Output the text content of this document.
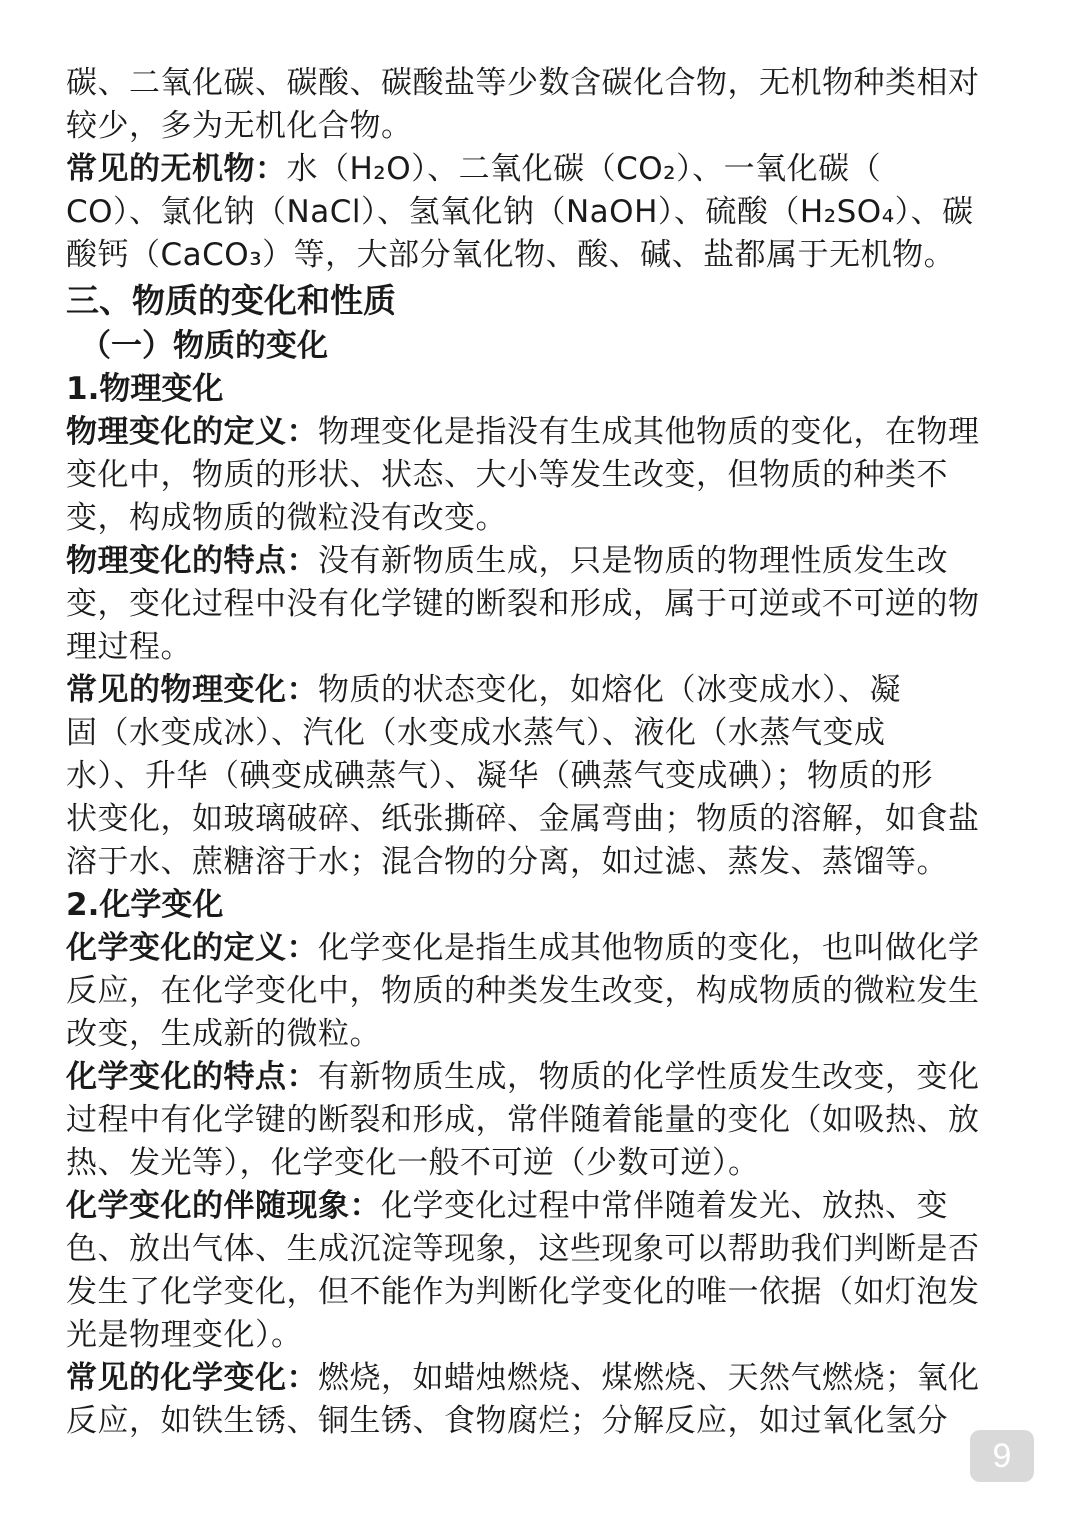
碳、二氧化碳、碳酸、碳酸盐等少数含碳化合物，无机物种类相对
较少，多为无机化合物。
常见的无机物：水（H₂O）、二氧化碳（CO₂）、一氧化碳（
CO）、氯化钠（NaCl）、氢氧化钠（NaOH）、硫酸（H₂SO₄）、碳
酸钙（CaCO₃）等，大部分氧化物、酸、碱、盐都属于无机物。
三、物质的变化和性质
（一）物质的变化
1.物理变化
物理变化的定义：物理变化是指没有生成其他物质的变化，在物理
变化中，物质的形状、状态、大小等发生改变，但物质的种类不
变，构成物质的微粒没有改变。
物理变化的特点：没有新物质生成，只是物质的物理性质发生改
变，变化过程中没有化学键的断裂和形成，属于可逆或不可逆的物
理过程。
常见的物理变化：物质的状态变化，如熔化（冰变成水）、凝
固（水变成冰）、汽化（水变成水蒸气）、液化（水蒸气变成
水）、升华（碘变成碘蒸气）、凝华（碘蒸气变成碘）；物质的形
状变化，如玻璃破碎、纸张撕碎、金属弯曲；物质的溶解，如食盐
溶于水、蔗糖溶于水；混合物的分离，如过滤、蒸发、蒸馏等。
2.化学变化
化学变化的定义：化学变化是指生成其他物质的变化，也叫做化学
反应，在化学变化中，物质的种类发生改变，构成物质的微粒发生
改变，生成新的微粒。
化学变化的特点：有新物质生成，物质的化学性质发生改变，变化
过程中有化学键的断裂和形成，常伴随着能量的变化（如吸热、放
热、发光等），化学变化一般不可逆（少数可逆）。
化学变化的伴随现象：化学变化过程中常伴随着发光、放热、变
色、放出气体、生成沉淀等现象，这些现象可以帮助我们判断是否
发生了化学变化，但不能作为判断化学变化的唯一依据（如灯泡发
光是物理变化）。
常见的化学变化：燃烧，如蜡烛燃烧、煤燃烧、天然气燃烧；氧化
反应，如铁生锈、铜生锈、食物腐烂；分解反应，如过氧化氢分
9
